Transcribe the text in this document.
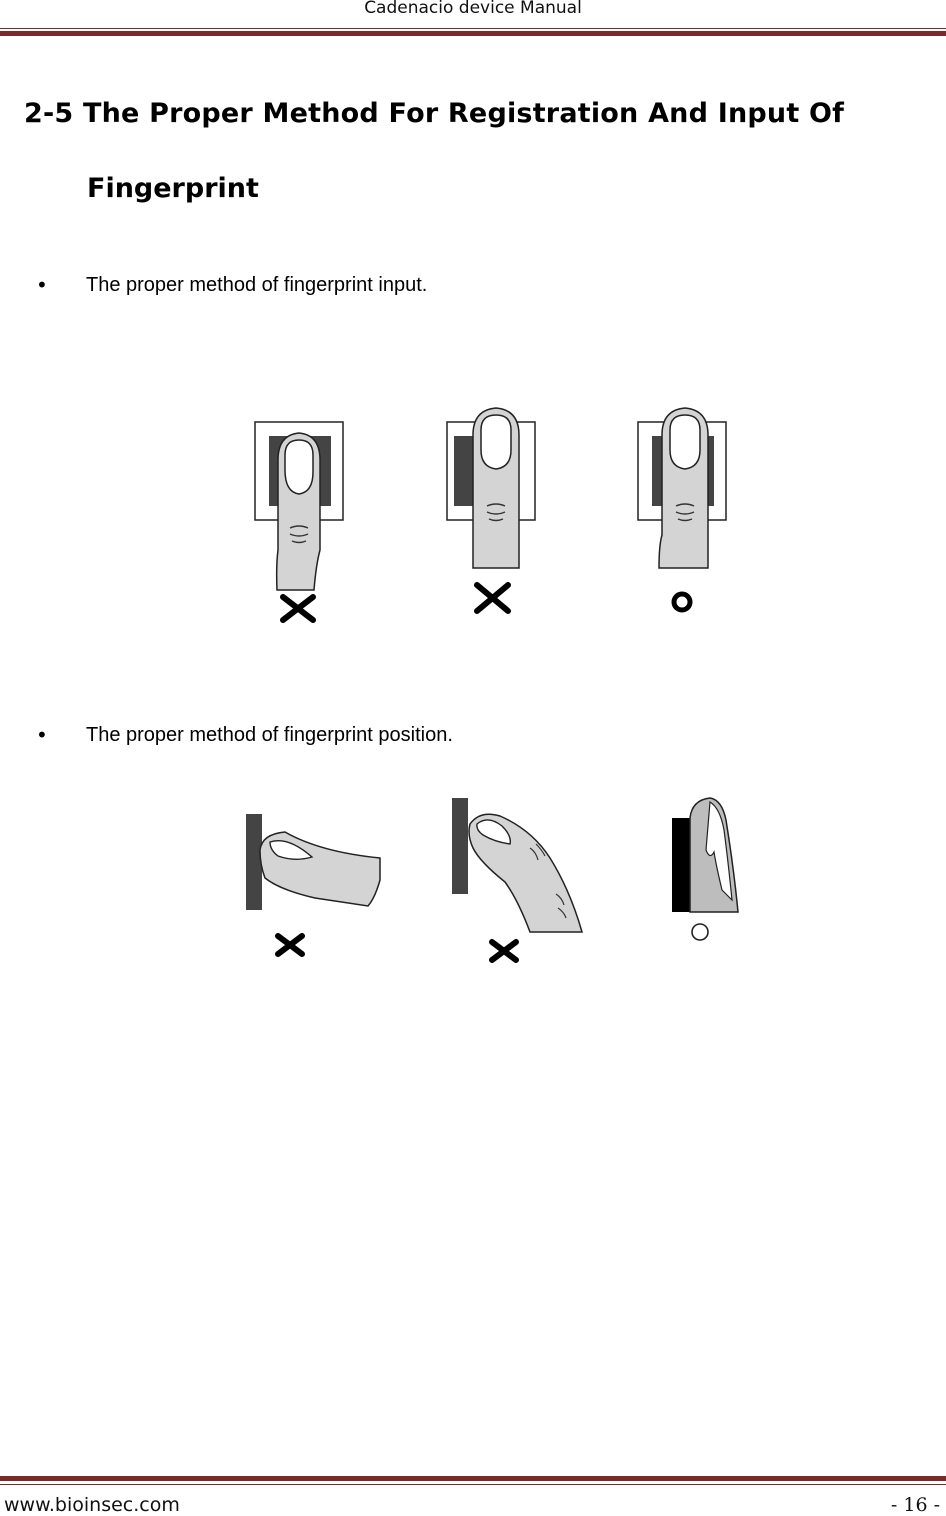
Cadenacio device Manual
2-5 The Proper Method For Registration And Input Of
Fingerprint
•	The proper method of fingerprint input.
•	The proper method of fingerprint position.
www.bioinsec.com	- 16 -
